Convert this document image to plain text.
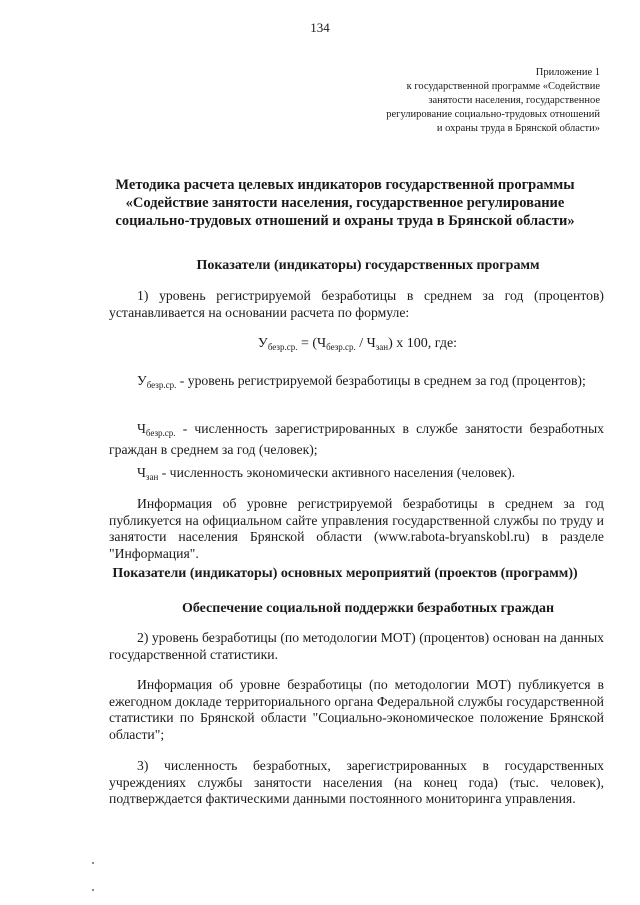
134
Приложение 1
к государственной программе «Содействие
занятости населения, государственное
регулирование социально-трудовых отношений
и охраны труда в Брянской области»
Методика расчета целевых индикаторов государственной программы «Содействие занятости населения, государственное регулирование социально-трудовых отношений и охраны труда в Брянской области»
Показатели (индикаторы) государственных программ
1) уровень регистрируемой безработицы в среднем за год (процентов) устанавливается на основании расчета по формуле:
$У_{безр.ср.} = (Ч_{безр.ср.} / Ч_{зан})$ х 100, где:
$У_{безр.ср.}$ - уровень регистрируемой безработицы в среднем за год (процентов);
$Ч_{безр.ср.}$ - численность зарегистрированных в службе занятости безработных граждан в среднем за год (человек);
$Ч_{зан}$ - численность экономически активного населения (человек).
Информация об уровне регистрируемой безработицы в среднем за год публикуется на официальном сайте управления государственной службы по труду и занятости населения Брянской области (www.rabota-bryanskobl.ru) в разделе "Информация".
Показатели (индикаторы) основных мероприятий (проектов (программ))
Обеспечение социальной поддержки безработных граждан
2) уровень безработицы (по методологии МОТ) (процентов) основан на данных государственной статистики.
Информация об уровне безработицы (по методологии МОТ) публикуется в ежегодном докладе территориального органа Федеральной службы государственной статистики по Брянской области "Социально-экономическое положение Брянской области";
3) численность безработных, зарегистрированных в государственных учреждениях службы занятости населения (на конец года) (тыс. человек), подтверждается фактическими данными постоянного мониторинга управления.
